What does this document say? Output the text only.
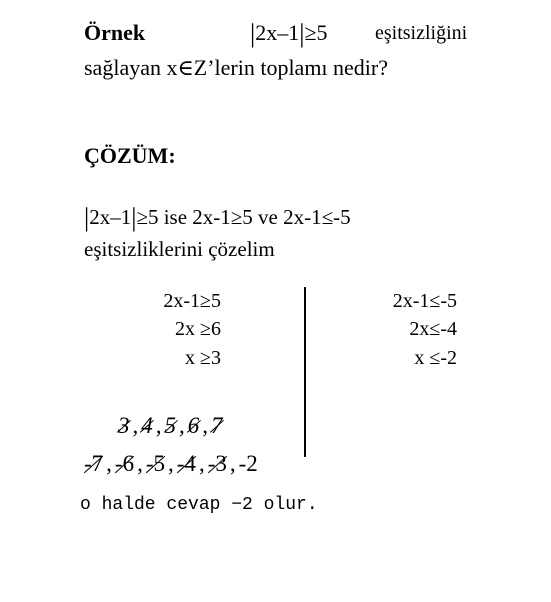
Örnek	|2x–1|≥5 eşitsizliğini
sağlayan x∈Z’lerin toplamı nedir?
ÇÖZÜM:
|2x–1|≥5 ise 2x-1≥5 ve 2x-1≤-5
eşitsizliklerini çözelim
2x-1≥5
2x ≥6
x ≥3
2x-1≤-5
2x≤-4
x ≤-2
3 , 4 , 5 , 6 , 7
-7 , -6 , -5 , -4 , -3 , -2
o halde cevap −2 olur.
